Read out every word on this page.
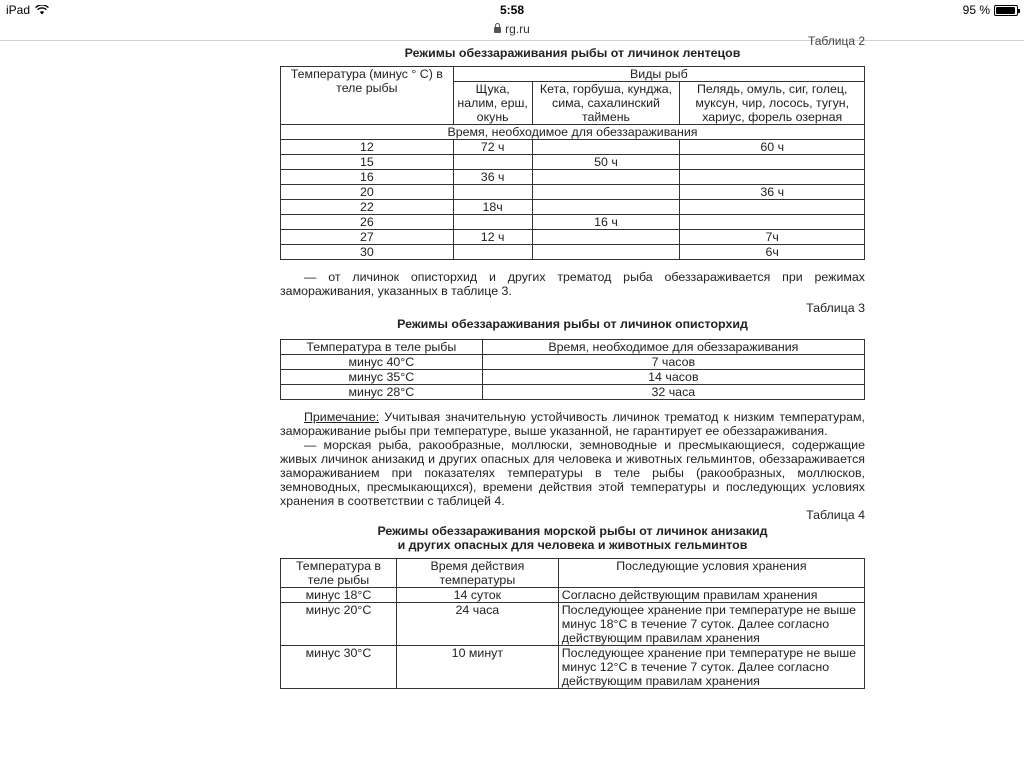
iPad	5:58	95 %
rg.ru
Таблица 2

Режимы обеззараживания рыбы от личинок лентецов

Температура (минус ° С) в теле рыбы	Виды рыб		
	Щука, налим, ерш, окунь	Кета, горбуша, кунджа, сима, сахалинский таймень	Пелядь, омуль, сиг, голец, муксун, чир, лосось, тугун, хариус, форель озерная
Время, необходимое для обеззараживания			
12	72 ч		60 ч
15		50 ч	
16	36 ч		
20			36 ч
22	18ч		
26		16 ч	
27	12 ч		7ч
30			6ч

— от личинок описторхид и других трематод рыба обеззараживается при режимах замораживания, указанных в таблице 3.

Таблица 3

Режимы обеззараживания рыбы от личинок описторхид

Температура в теле рыбы	Время, необходимое для обеззараживания
минус 40°С	7 часов
минус 35°С	14 часов
минус 28°С	32 часа

Примечание: Учитывая значительную устойчивость личинок трематод к низким температурам, замораживание рыбы при температуре, выше указанной, не гарантирует ее обеззараживания.

— морская рыба, ракообразные, моллюски, земноводные и пресмыкающиеся, содержащие живых личинок анизакид и других опасных для человека и животных гельминтов, обеззараживается замораживанием при показателях температуры в теле рыбы (ракообразных, моллюсков, земноводных, пресмыкающихся), времени действия этой температуры и последующих условиях хранения в соответствии с таблицей 4.

Таблица 4

Режимы обеззараживания морской рыбы от личинок анизакид

и других опасных для человека и животных гельминтов

Температура в теле рыбы	Время действия температуры	Последующие условия хранения
минус 18°С	14 суток	Согласно действующим правилам хранения
минус 20°С	24 часа	Последующее хранение при температуре не выше минус 18°С в течение 7 суток. Далее согласно действующим правилам хранения
минус 30°С	10 минут	Последующее хранение при температуре не выше минус 12°С в течение 7 суток. Далее согласно действующим правилам хранения
